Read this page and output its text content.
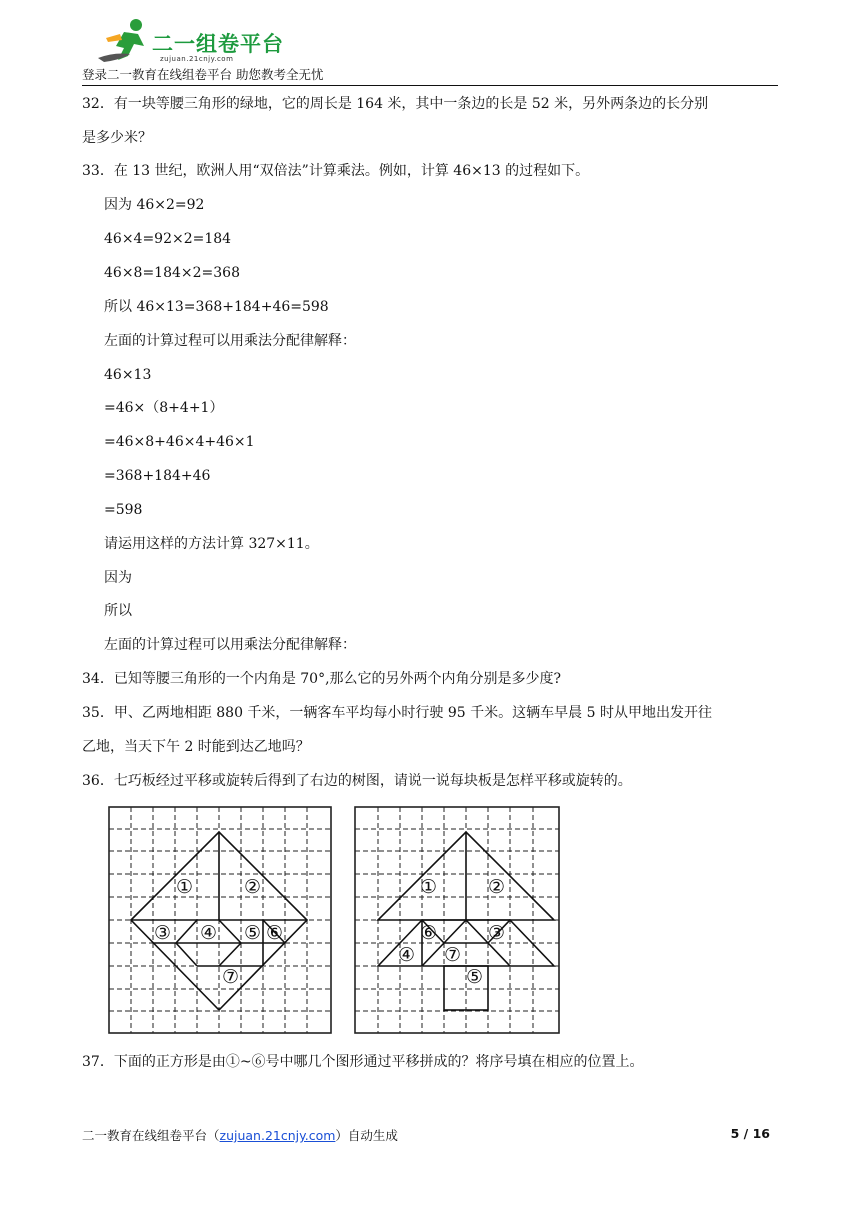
二一组卷平台
zujuan.21cnjy.com
登录二一教育在线组卷平台 助您教考全无忧
32．有一块等腰三角形的绿地，它的周长是 164 米，其中一条边的长是 52 米，另外两条边的长分别
是多少米？
33．在 13 世纪，欧洲人用“双倍法”计算乘法。例如，计算 46×13 的过程如下。
因为 46×2=92
46×4=92×2=184
46×8=184×2=368
所以 46×13=368+184+46=598
左面的计算过程可以用乘法分配律解释：
46×13
=46×（8+4+1）
=46×8+46×4+46×1
=368+184+46
=598
请运用这样的方法计算 327×11。
因为
所以
左面的计算过程可以用乘法分配律解释：
34．已知等腰三角形的一个内角是 70°,那么它的另外两个内角分别是多少度?
35．甲、乙两地相距 880 千米，一辆客车平均每小时行驶 95 千米。这辆车早晨 5 时从甲地出发开往
乙地，当天下午 2 时能到达乙地吗？
36．七巧板经过平移或旋转后得到了右边的树图，请说一说每块板是怎样平移或旋转的。
①	②
③ ④ ⑤ ⑥
⑦
①	②
③
④
⑤
⑥
⑦
37．下面的正方形是由①~⑥号中哪几个图形通过平移拼成的？将序号填在相应的位置上。
二一教育在线组卷平台（zujuan.21cnjy.com）自动生成	5 / 16
